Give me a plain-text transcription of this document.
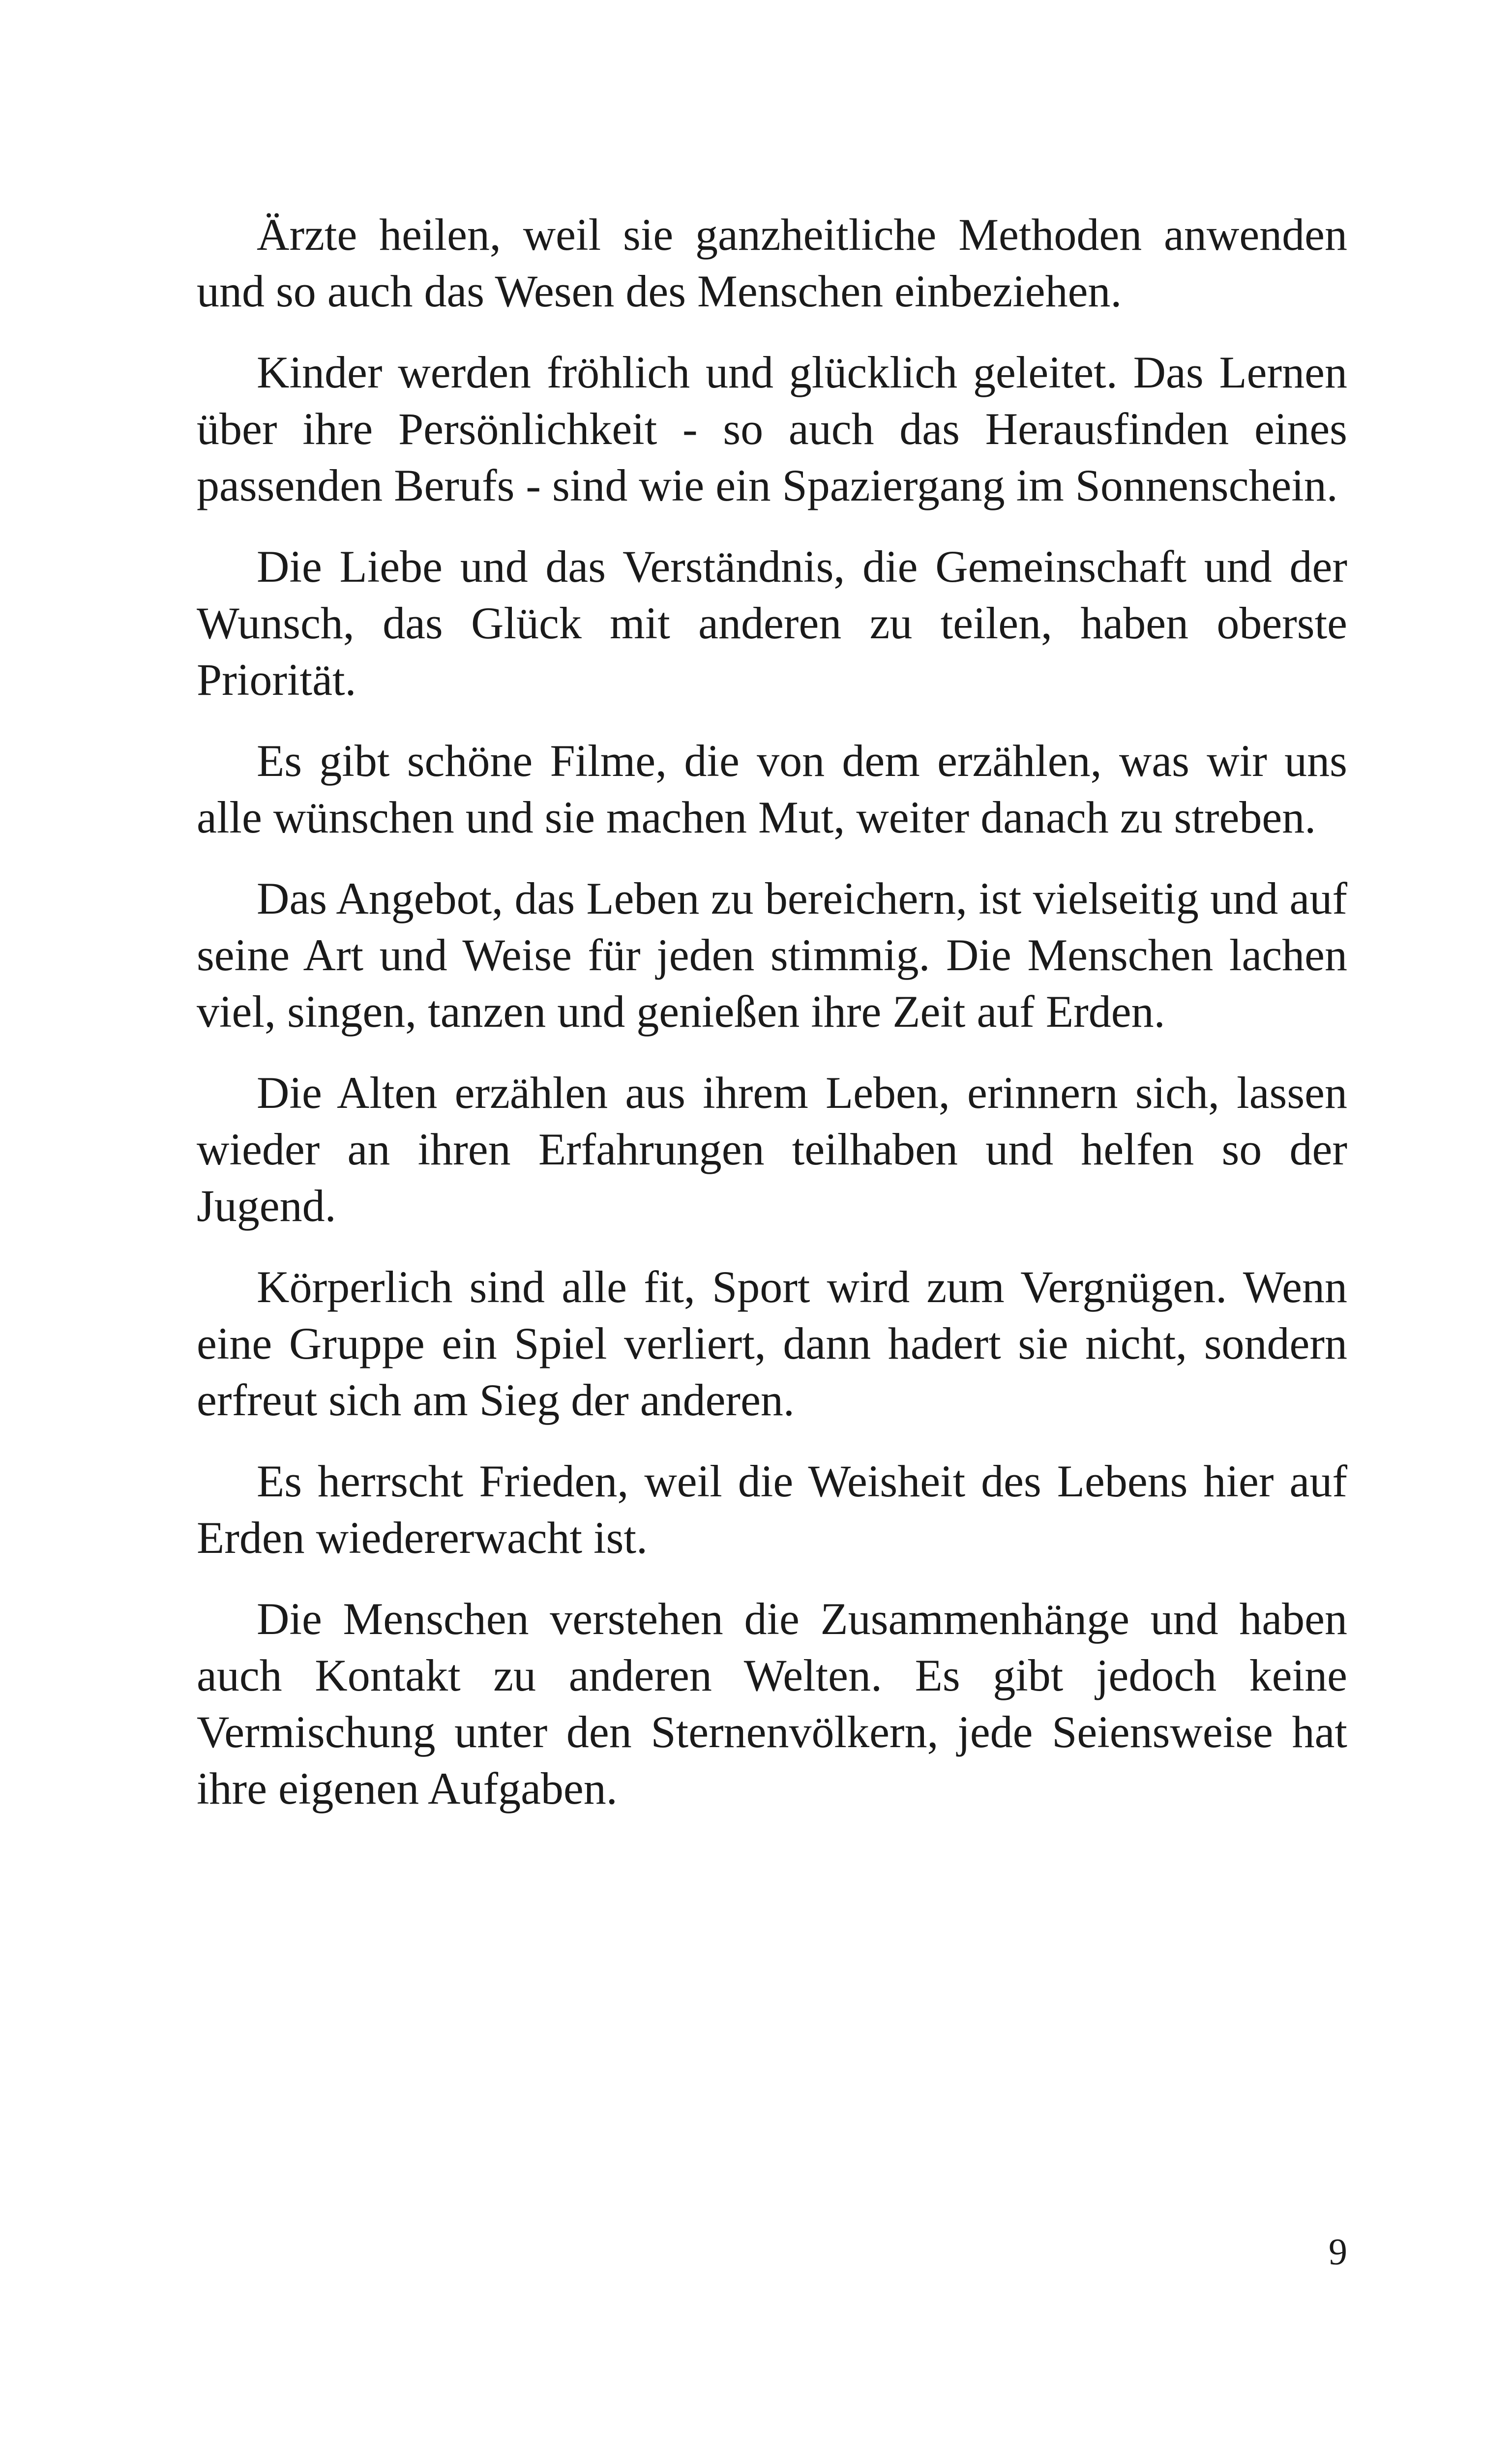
Ärzte heilen, weil sie ganzheitliche Methoden anwenden und so auch das Wesen des Menschen einbeziehen.

Kinder werden fröhlich und glücklich geleitet. Das Lernen über ihre Persönlichkeit - so auch das Herausfinden eines passenden Berufs - sind wie ein Spaziergang im Sonnenschein.

Die Liebe und das Verständnis, die Gemeinschaft und der Wunsch, das Glück mit anderen zu teilen, haben oberste Priorität.

Es gibt schöne Filme, die von dem erzählen, was wir uns alle wünschen und sie machen Mut, weiter danach zu streben.

Das Angebot, das Leben zu bereichern, ist vielseitig und auf seine Art und Weise für jeden stimmig. Die Menschen lachen viel, singen, tanzen und genießen ihre Zeit auf Erden.

Die Alten erzählen aus ihrem Leben, erinnern sich, lassen wieder an ihren Erfahrungen teilhaben und helfen so der Jugend.

Körperlich sind alle fit, Sport wird zum Vergnügen. Wenn eine Gruppe ein Spiel verliert, dann hadert sie nicht, sondern erfreut sich am Sieg der anderen.

Es herrscht Frieden, weil die Weisheit des Lebens hier auf Erden wiedererwacht ist.

Die Menschen verstehen die Zusammenhänge und haben auch Kontakt zu anderen Welten. Es gibt jedoch keine Vermischung unter den Sternenvölkern, jede Seiensweise hat ihre eigenen Aufgaben.

9
